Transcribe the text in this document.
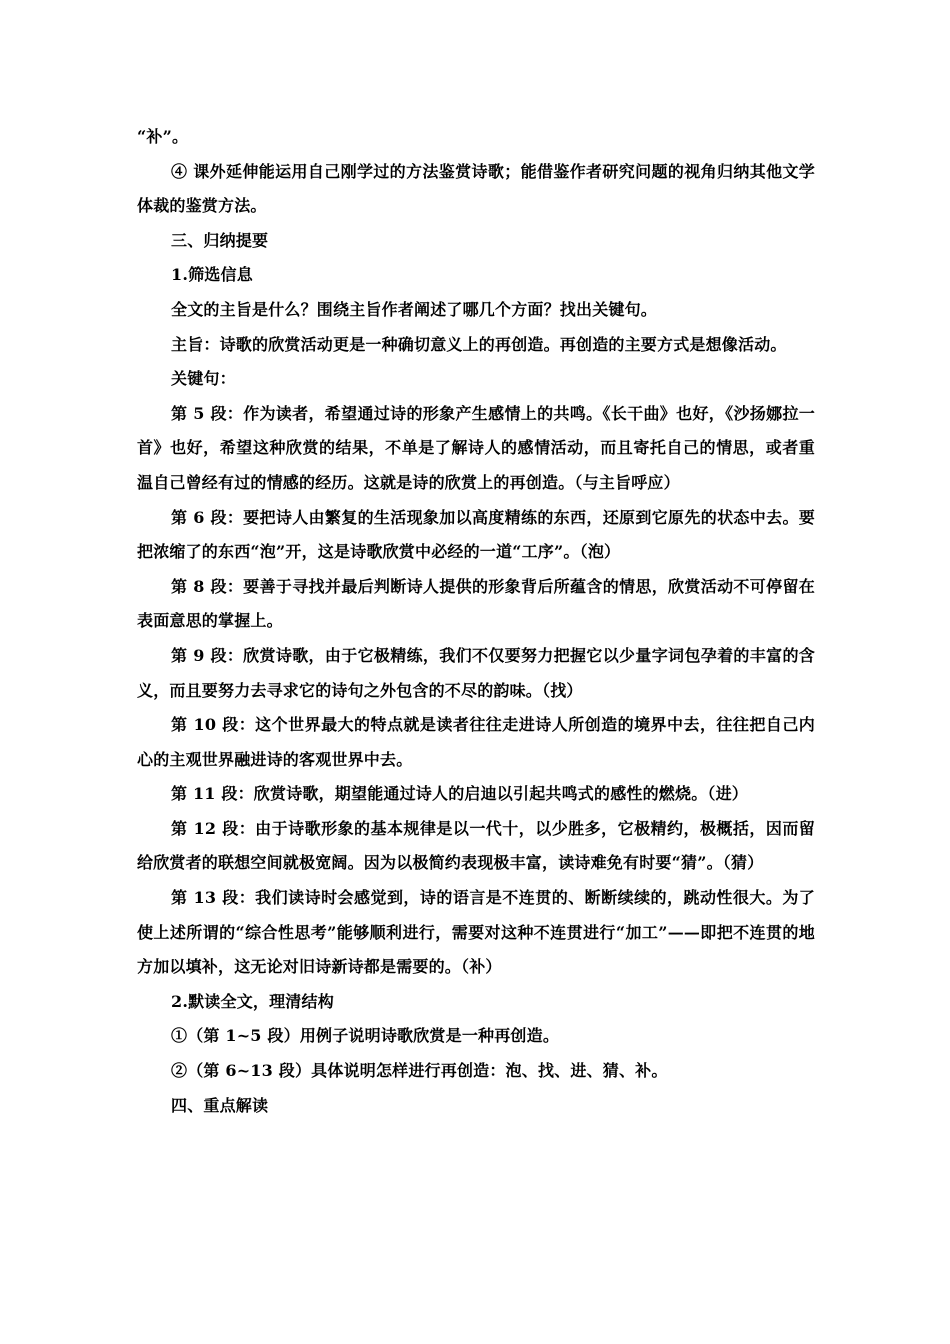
“补”。

④ 课外延伸能运用自己刚学过的方法鉴赏诗歌；能借鉴作者研究问题的视角归纳其他文学体裁的鉴赏方法。

三、归纳提要

1.筛选信息

全文的主旨是什么？围绕主旨作者阐述了哪几个方面？找出关键句。

主旨：诗歌的欣赏活动更是一种确切意义上的再创造。再创造的主要方式是想像活动。

关键句：

第 5 段：作为读者，希望通过诗的形象产生感情上的共鸣。《长干曲》也好，《沙扬娜拉一首》也好，希望这种欣赏的结果，不单是了解诗人的感情活动，而且寄托自己的情思，或者重温自己曾经有过的情感的经历。这就是诗的欣赏上的再创造。（与主旨呼应）

第 6 段：要把诗人由繁复的生活现象加以高度精练的东西，还原到它原先的状态中去。要把浓缩了的东西“泡”开，这是诗歌欣赏中必经的一道“工序”。（泡）

第 8 段：要善于寻找并最后判断诗人提供的形象背后所蕴含的情思，欣赏活动不可停留在表面意思的掌握上。

第 9 段：欣赏诗歌，由于它极精练，我们不仅要努力把握它以少量字词包孕着的丰富的含义，而且要努力去寻求它的诗句之外包含的不尽的韵味。（找）

第 10 段：这个世界最大的特点就是读者往往走进诗人所创造的境界中去，往往把自己内心的主观世界融进诗的客观世界中去。

第 11 段：欣赏诗歌，期望能通过诗人的启迪以引起共鸣式的感性的燃烧。（进）

第 12 段：由于诗歌形象的基本规律是以一代十，以少胜多，它极精约，极概括，因而留给欣赏者的联想空间就极宽阔。因为以极简约表现极丰富，读诗难免有时要“猜”。（猜）

第 13 段：我们读诗时会感觉到，诗的语言是不连贯的、断断续续的，跳动性很大。为了使上述所谓的“综合性思考”能够顺利进行，需要对这种不连贯进行“加工”——即把不连贯的地方加以填补，这无论对旧诗新诗都是需要的。（补）

2.默读全文，理清结构

①（第 1~5 段）用例子说明诗歌欣赏是一种再创造。

②（第 6~13 段）具体说明怎样进行再创造：泡、找、进、猜、补。

四、重点解读
